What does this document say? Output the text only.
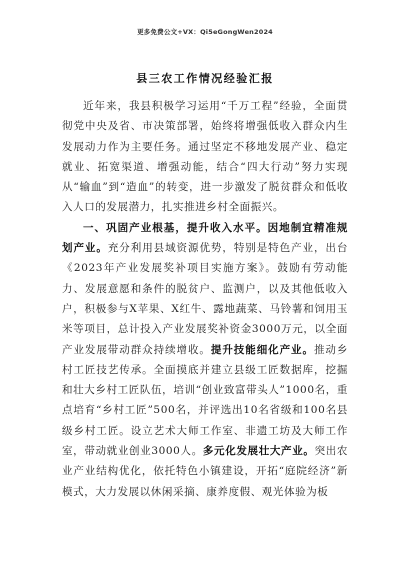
更多免费公文+VX：Qi5eGongWen2024
县三农工作情况经验汇报

近年来，我县积极学习运用“千万工程”经验，全面贯彻党中央及省、市决策部署，始终将增强低收入群众内生发展动力作为主要任务。通过坚定不移地发展产业、稳定就业、拓宽渠道、增强动能，结合“四大行动”努力实现从“输血”到“造血”的转变，进一步激发了脱贫群众和低收入人口的发展潜力，扎实推进乡村全面振兴。

一、巩固产业根基，提升收入水平。因地制宜精准规划产业。充分利用县域资源优势，特别是特色产业，出台《2023年产业发展奖补项目实施方案》。鼓励有劳动能力、发展意愿和条件的脱贫户、监测户，以及其他低收入户，积极参与X苹果、X红牛、露地蔬菜、马铃薯和饲用玉米等项目，总计投入产业发展奖补资金3000万元，以全面产业发展带动群众持续增收。提升技能细化产业。推动乡村工匠技艺传承。全面摸底并建立县级工匠数据库，挖掘和壮大乡村工匠队伍，培训“创业致富带头人”1000名，重点培育“乡村工匠”500名，并评选出10名省级和100名县级乡村工匠。设立艺术大师工作室、非遗工坊及大师工作室，带动就业创业3000人。多元化发展壮大产业。突出农业产业结构优化，依托特色小镇建设，开拓“庭院经济”新模式，大力发展以休闲采摘、康养度假、观光体验为板
